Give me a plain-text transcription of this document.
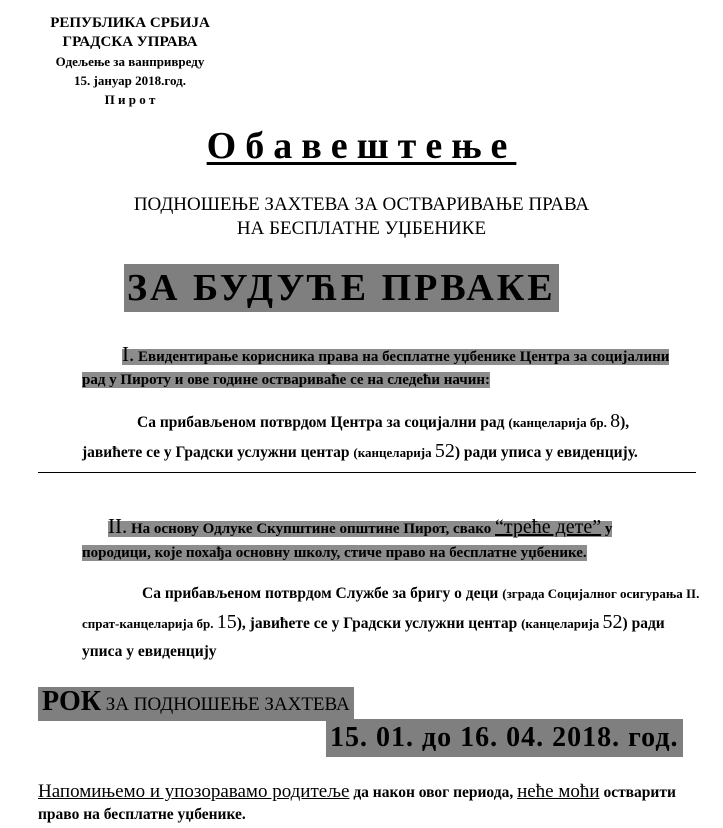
РЕПУБЛИКА СРБИЈА
ГРАДСКА УПРАВА
Одељење за ванпривреду
15. јануар 2018.год.
П и р о т
Обавештење
ПОДНОШЕЊЕ ЗАХТЕВА ЗА ОСТВАРИВАЊЕ ПРАВА
НА БЕСПЛАТНЕ УЏБЕНИКЕ
ЗА БУДУЋЕ ПРВАКЕ
I. Евидентирање корисника права на бесплатне уџбенике Центра за социјалини рад у Пироту и ове године оствариваће се на следећи начин:
Са прибављеном потврдом Центра за социјални рад (канцеларија бр. 8),
јавићете се у Градски услужни центар (канцеларија 52) ради уписа у евиденцију.
II. На основу Одлуке Скупштине општине Пирот, свако “треће дете” у породици, које похађа основну школу, стиче право на бесплатне уџбенике.
Са прибављеном потврдом Службе за бригу о деци (зграда Социјалног осигурања II. спрат-канцеларија бр. 15), јавићете се у Градски услужни центар (канцеларија 52) ради уписа у евиденцију
РОК ЗА ПОДНОШЕЊЕ ЗАХТЕВА
15. 01. до 16. 04. 2018. год.
Напомињемо и упозоравамо родитеље да након овог периода, неће моћи остварити право на бесплатне уџбенике.
